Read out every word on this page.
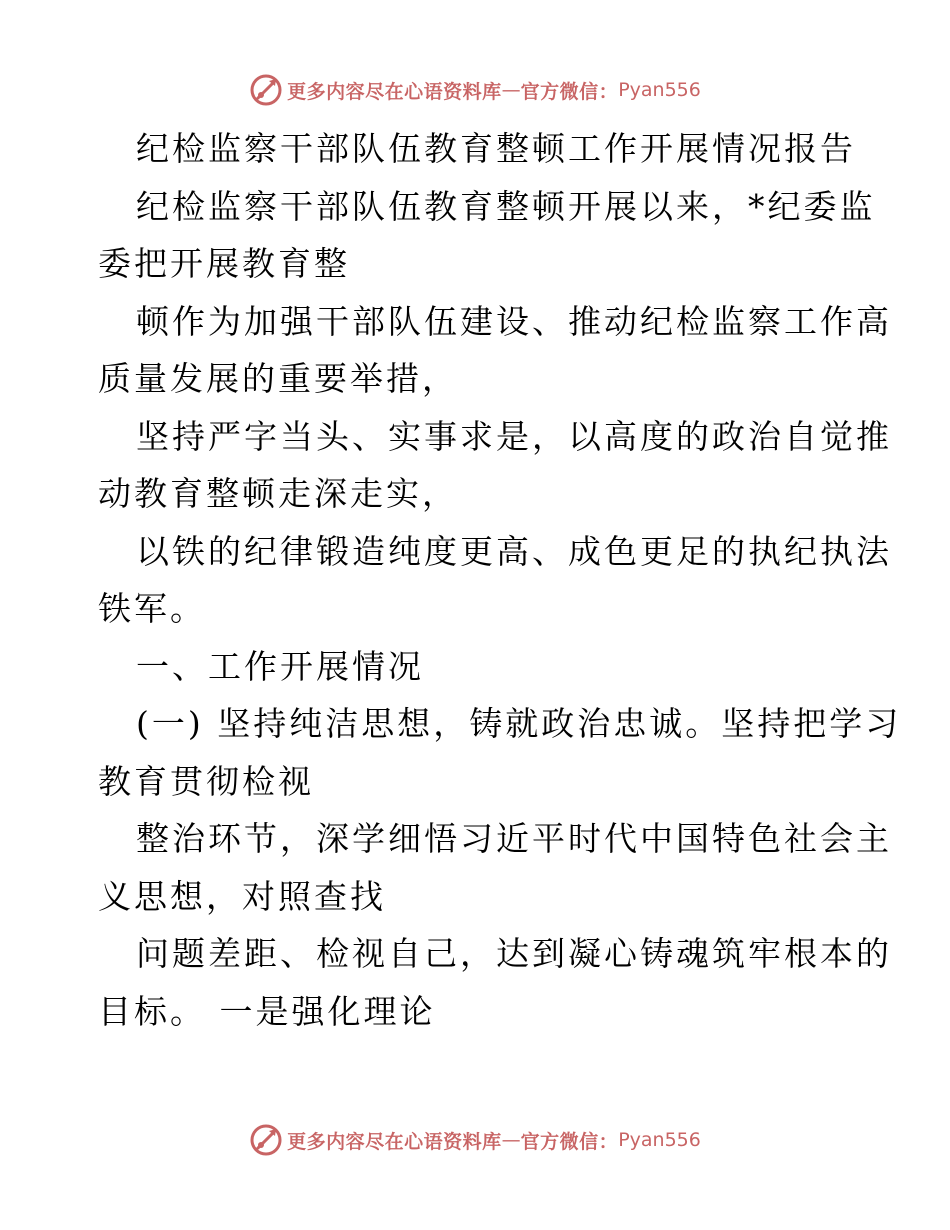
更多内容尽在心语资料库 — 官方微信： Pyan556
纪检监察干部队伍教育整顿工作开展情况报告
纪检监察干部队伍教育整顿开展以来，*纪委监
委把开展教育整
顿作为加强干部队伍建设、推动纪检监察工作高
质量发展的重要举措，
坚持严字当头、实事求是，以高度的政治自觉推
动教育整顿走深走实，
以铁的纪律锻造纯度更高、成色更足的执纪执法
铁军。
一、工作开展情况
(一) 坚持纯洁思想，铸就政治忠诚。坚持把学习
教育贯彻检视
整治环节，深学细悟习近平时代中国特色社会主
义思想，对照查找
问题差距、检视自己，达到凝心铸魂筑牢根本的
目标。 一是强化理论
更多内容尽在心语资料库 — 官方微信： Pyan556
